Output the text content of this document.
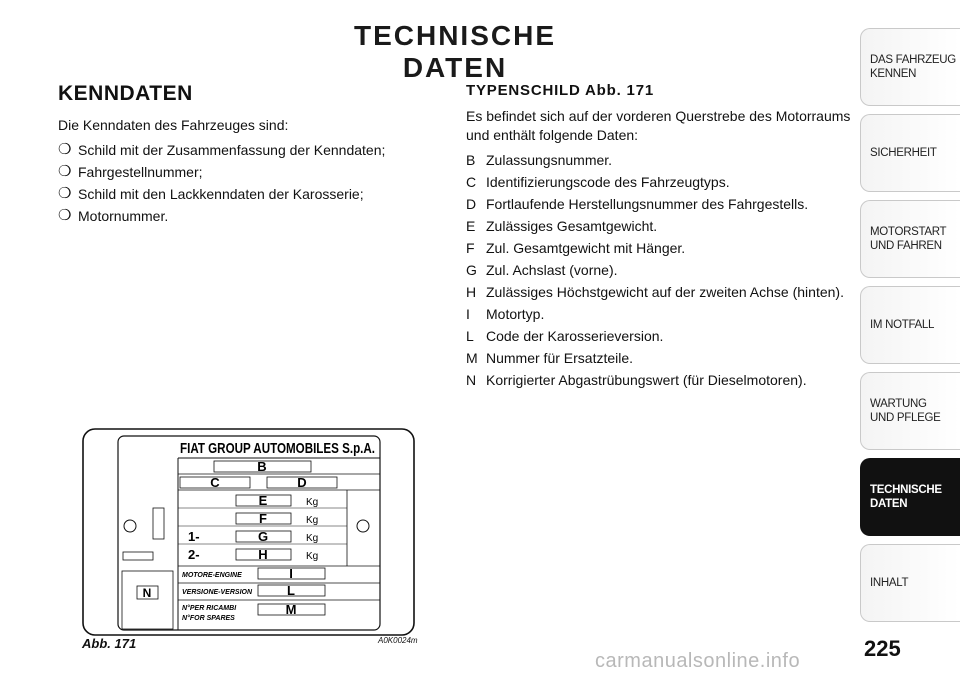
TECHNISCHE DATEN
KENNDATEN
Die Kenndaten des Fahrzeuges sind:
❍ Schild mit der Zusammenfassung der Kenndaten;
❍ Fahrgestellnummer;
❍ Schild mit den Lackkenndaten der Karosserie;
❍ Motornummer.
TYPENSCHILD Abb. 171
Es befindet sich auf der vorderen Querstrebe des Motorraums und enthält folgende Daten:
B Zulassungsnummer.
C Identifizierungscode des Fahrzeugtyps.
D Fortlaufende Herstellungsnummer des Fahrgestells.
E Zulässiges Gesamtgewicht.
F Zul. Gesamtgewicht mit Hänger.
G Zul. Achslast (vorne).
H Zulässiges Höchstgewicht auf der zweiten Achse (hinten).
I Motortyp.
L Code der Karosserieversion.
M Nummer für Ersatzteile.
N Korrigierter Abgastrübungswert (für Dieselmotoren).
FIAT GROUP AUTOMOBILES S.p.A.
B
C	D
E	Kg
F	Kg
1-	G	Kg
2-	H	Kg
N
MOTORE-ENGINE	I
VERSIONE-VERSION	L
N°PER RICAMBI
N°FOR SPARES
M
Abb. 171	A0K0024m
DAS FAHRZEUG
KENNEN
SICHERHEIT
MOTORSTART
UND FAHREN
IM NOTFALL
WARTUNG
UND PFLEGE
TECHNISCHE
DATEN
INHALT
225
carmanualsonline.info
